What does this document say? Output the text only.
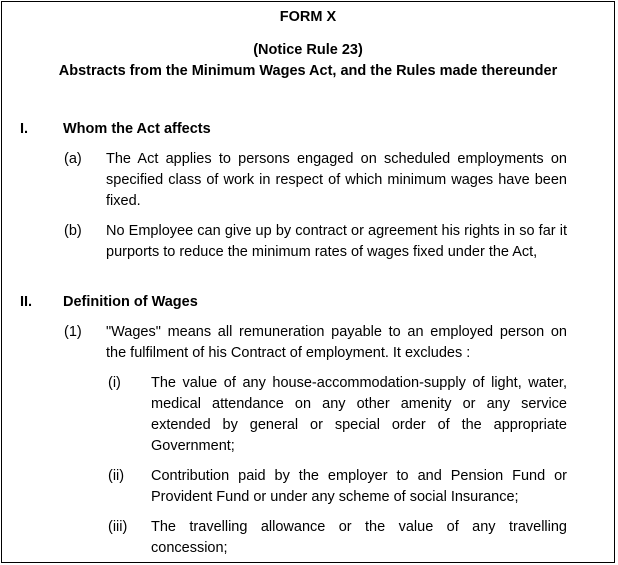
FORM X
(Notice Rule 23)
Abstracts from the Minimum Wages Act, and the Rules made thereunder
I. Whom the Act affects
(a) The Act applies to persons engaged on scheduled employments on specified class of work in respect of which minimum wages have been fixed.
(b) No Employee can give up by contract or agreement his rights in so far it purports to reduce the minimum rates of wages fixed under the Act,
II. Definition of Wages
(1) "Wages" means all remuneration payable to an employed person on the fulfilment of his Contract of employment. It excludes :
(i) The value of any house-accommodation-supply of light, water, medical attendance on any other amenity or any service extended by general or special order of the appropriate Government;
(ii) Contribution paid by the employer to and Pension Fund or Provident Fund or under any scheme of social Insurance;
(iii) The travelling allowance or the value of any travelling concession;
